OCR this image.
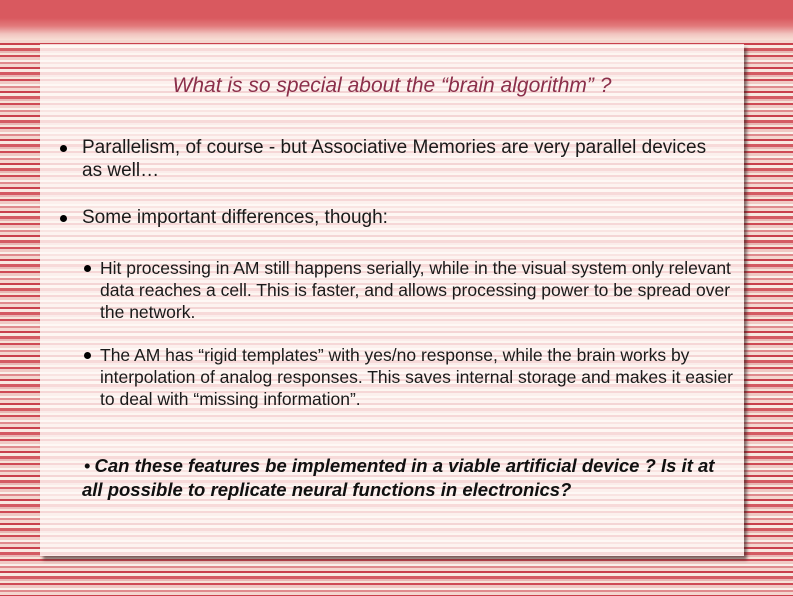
What is so special about the “brain algorithm” ?

Parallelism, of course - but Associative Memories are very parallel devices as well…

Some important differences, though:

Hit processing in AM still happens serially, while in the visual system only relevant data reaches a cell. This is faster, and allows processing power to be spread over the network.

The AM has “rigid templates” with yes/no response, while the brain works by interpolation of analog responses. This saves internal storage and makes it easier to deal with “missing information”.

• Can these features be implemented in a viable artificial device ? Is it at all possible to replicate neural functions in electronics?
